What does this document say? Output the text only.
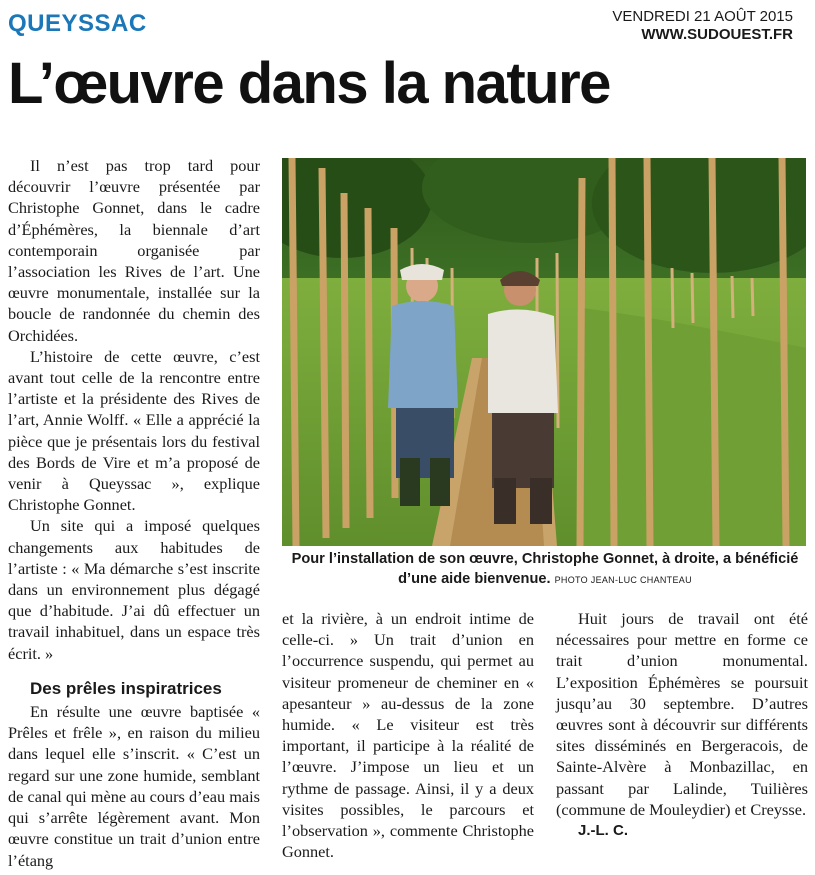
QUEYSSAC	VENDREDI 21 AOÛT 2015
WWW.SUDOUEST.FR
L’œuvre dans la nature

Il n’est pas trop tard pour découvrir l’œuvre présentée par Christophe Gonnet, dans le cadre d’Éphémères, la biennale d’art contemporain organisée par l’association les Rives de l’art. Une œuvre monumentale, installée sur la boucle de randonnée du chemin des Orchidées.

L’histoire de cette œuvre, c’est avant tout celle de la rencontre entre l’artiste et la présidente des Rives de l’art, Annie Wolff. « Elle a apprécié la pièce que je présentais lors du festival des Bords de Vire et m’a proposé de venir à Queyssac », explique Christophe Gonnet.

Un site qui a imposé quelques changements aux habitudes de l’artiste : « Ma démarche s’est inscrite dans un environnement plus dégagé que d’habitude. J’ai dû effectuer un travail inhabituel, dans un espace très écrit. »

Des prêles inspiratrices

En résulte une œuvre baptisée « Prêles et frêle », en raison du milieu dans lequel elle s’inscrit. « C’est un regard sur une zone humide, semblant de canal qui mène au cours d’eau mais qui s’arrête légèrement avant. Mon œuvre constitue un trait d’union entre l’étang

Pour l’installation de son œuvre, Christophe Gonnet, à droite, a bénéficié d’une aide bienvenue. PHOTO JEAN-LUC CHANTEAU

et la rivière, à un endroit intime de celle-ci. » Un trait d’union en l’occurrence suspendu, qui permet au visiteur promeneur de cheminer en « apesanteur » au-dessus de la zone humide. « Le visiteur est très important, il participe à la réalité de l’œuvre. J’impose un lieu et un rythme de passage. Ainsi, il y a deux visites possibles, le parcours et l’observation », commente Christophe Gonnet.

Huit jours de travail ont été nécessaires pour mettre en forme ce trait d’union monumental. L’exposition Éphémères se poursuit jusqu’au 30 septembre. D’autres œuvres sont à découvrir sur différents sites disséminés en Bergeracois, de Sainte-Alvère à Monbazillac, en passant par Lalinde, Tuilières (commune de Mouleydier) et Creysse.

J.-L. C.
